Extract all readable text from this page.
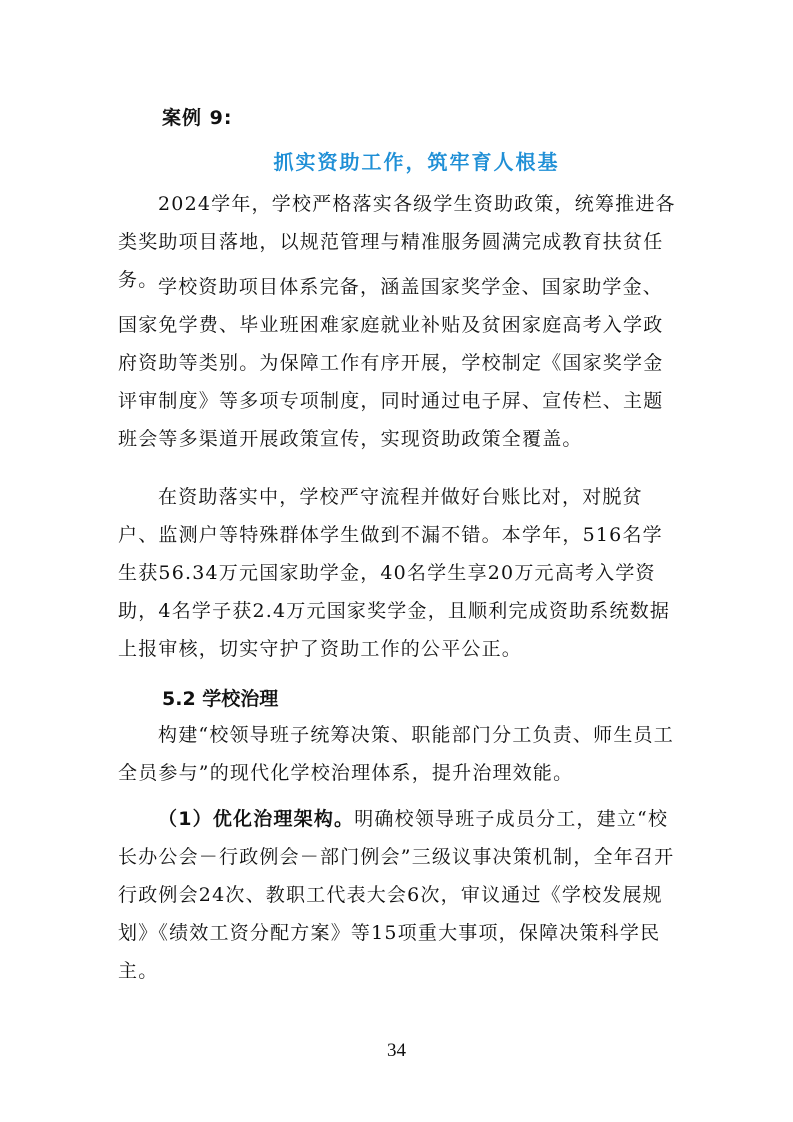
案例 9:
抓实资助工作，筑牢育人根基
2024学年，学校严格落实各级学生资助政策，统筹推进各类奖助项目落地，以规范管理与精准服务圆满完成教育扶贫任务。 学校资助项目体系完备，涵盖国家奖学金、国家助学金、国家免学费、毕业班困难家庭就业补贴及贫困家庭高考入学政府资助等类别。为保障工作有序开展，学校制定《国家奖学金评审制度》等多项专项制度，同时通过电子屏、宣传栏、主题班会等多渠道开展政策宣传，实现资助政策全覆盖。
在资助落实中，学校严守流程并做好台账比对，对脱贫户、监测户等特殊群体学生做到不漏不错。本学年，516名学生获56.34万元国家助学金，40名学生享20万元高考入学资助，4名学子获2.4万元国家奖学金，且顺利完成资助系统数据上报审核，切实守护了资助工作的公平公正。
5.2 学校治理
构建“校领导班子统筹决策、职能部门分工负责、师生员工全员参与”的现代化学校治理体系，提升治理效能。
（1）优化治理架构。明确校领导班子成员分工，建立“校长办公会－行政例会－部门例会”三级议事决策机制，全年召开行政例会24次、教职工代表大会6次，审议通过《学校发展规划》《绩效工资分配方案》等15项重大事项，保障决策科学民主。
34
